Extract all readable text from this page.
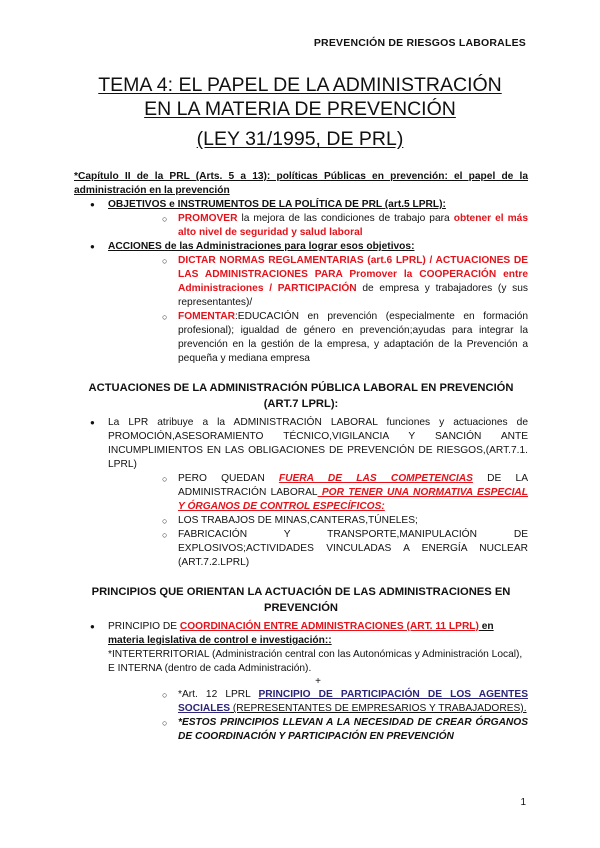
PREVENCIÓN DE RIESGOS LABORALES
TEMA 4: EL PAPEL DE LA ADMINISTRACIÓN
EN LA MATERIA DE PREVENCIÓN
(LEY 31/1995, DE PRL)
*Capítulo II de la PRL (Arts. 5 a 13): políticas Públicas en prevención: el papel de la administración en la prevención
● OBJETIVOS e INSTRUMENTOS DE LA POLÍTICA DE PRL (art.5 LPRL):
○ PROMOVER la mejora de las condiciones de trabajo para obtener el más alto nivel de seguridad y salud laboral
● ACCIONES de las Administraciones para lograr esos objetivos:
○ DICTAR NORMAS REGLAMENTARIAS (art.6 LPRL) / ACTUACIONES DE LAS ADMINISTRACIONES PARA Promover la COOPERACIÓN entre Administraciones / PARTICIPACIÓN de empresa y trabajadores (y sus representantes)/
○ FOMENTAR:EDUCACIÓN en prevención (especialmente en formación profesional); igualdad de género en prevención;ayudas para integrar la prevención en la gestión de la empresa, y adaptación de la Prevención a pequeña y mediana empresa
ACTUACIONES DE LA ADMINISTRACIÓN PÚBLICA LABORAL EN PREVENCIÓN (ART.7 LPRL):
● La LPR atribuye a la ADMINISTRACIÓN LABORAL funciones y actuaciones de PROMOCIÓN,ASESORAMIENTO TÉCNICO,VIGILANCIA Y SANCIÓN ANTE INCUMPLIMIENTOS EN LAS OBLIGACIONES DE PREVENCIÓN DE RIESGOS,(ART.7.1. LPRL)
○ PERO QUEDAN FUERA DE LAS COMPETENCIAS DE LA ADMINISTRACIÓN LABORAL POR TENER UNA NORMATIVA ESPECIAL Y ÓRGANOS DE CONTROL ESPECÍFICOS:
○ LOS TRABAJOS DE MINAS,CANTERAS,TÚNELES;
○ FABRICACIÓN Y TRANSPORTE,MANIPULACIÓN DE EXPLOSIVOS;ACTIVIDADES VINCULADAS A ENERGÍA NUCLEAR (ART.7.2.LPRL)
PRINCIPIOS QUE ORIENTAN LA ACTUACIÓN DE LAS ADMINISTRACIONES EN PREVENCIÓN
● PRINCIPIO DE COORDINACIÓN ENTRE ADMINISTRACIONES (ART. 11 LPRL) en materia legislativa de control e investigación::
*INTERTERRITORIAL (Administración central con las Autonómicas y Administración Local), E INTERNA (dentro de cada Administración).
+
○ *Art. 12 LPRL PRINCIPIO DE PARTICIPACIÓN DE LOS AGENTES SOCIALES (REPRESENTANTES DE EMPRESARIOS Y TRABAJADORES).
○ *ESTOS PRINCIPIOS LLEVAN A LA NECESIDAD DE CREAR ÓRGANOS DE COORDINACIÓN Y PARTICIPACIÓN EN PREVENCIÓN
1
